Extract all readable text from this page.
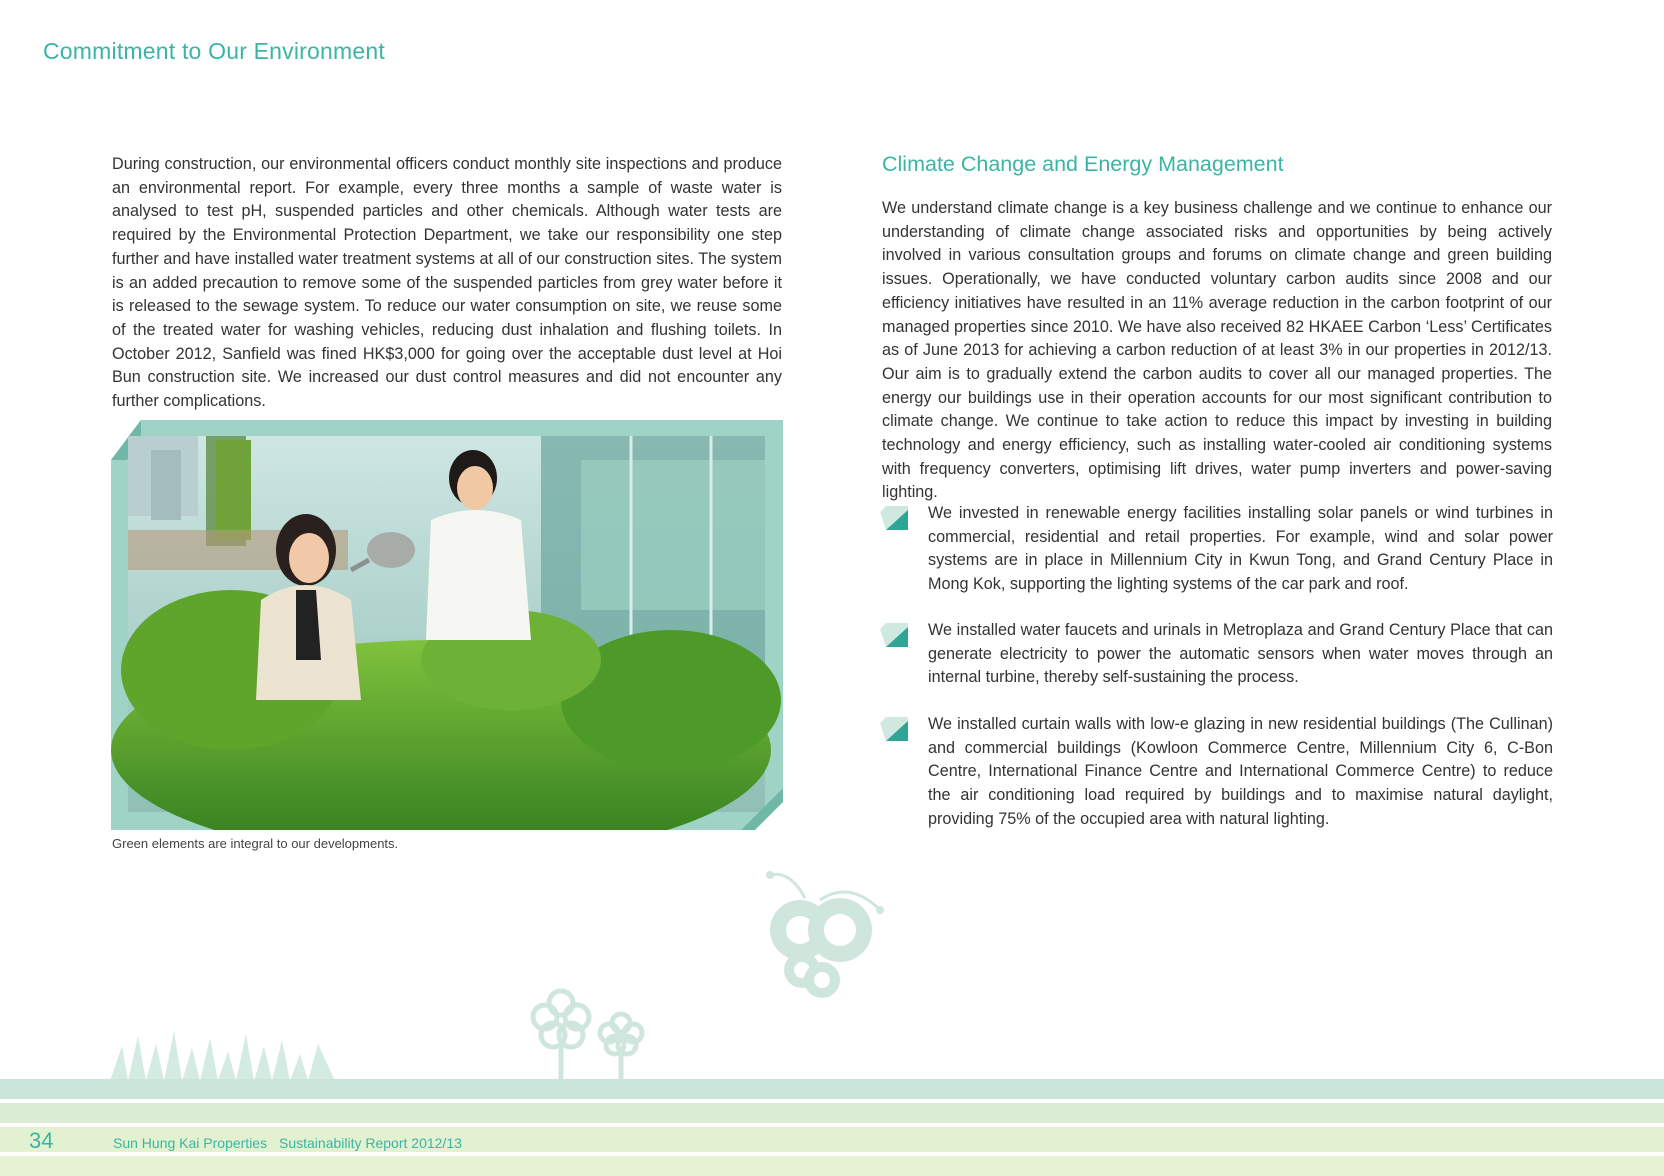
Commitment to Our Environment

During construction, our environmental officers conduct monthly site inspections and produce an environmental report. For example, every three months a sample of waste water is analysed to test pH, suspended particles and other chemicals. Although water tests are required by the Environmental Protection Department, we take our responsibility one step further and have installed water treatment systems at all of our construction sites. The system is an added precaution to remove some of the suspended particles from grey water before it is released to the sewage system. To reduce our water consumption on site, we reuse some of the treated water for washing vehicles, reducing dust inhalation and flushing toilets. In October 2012, Sanfield was fined HK$3,000 for going over the acceptable dust level at Hoi Bun construction site. We increased our dust control measures and did not encounter any further complications.

Green elements are integral to our developments.

Climate Change and Energy Management

We understand climate change is a key business challenge and we continue to enhance our understanding of climate change associated risks and opportunities by being actively involved in various consultation groups and forums on climate change and green building issues. Operationally, we have conducted voluntary carbon audits since 2008 and our efficiency initiatives have resulted in an 11% average reduction in the carbon footprint of our managed properties since 2010. We have also received 82 HKAEE Carbon ‘Less’ Certificates as of June 2013 for achieving a carbon reduction of at least 3% in our properties in 2012/13. Our aim is to gradually extend the carbon audits to cover all our managed properties. The energy our buildings use in their operation accounts for our most significant contribution to climate change. We continue to take action to reduce this impact by investing in building technology and energy efficiency, such as installing water-cooled air conditioning systems with frequency converters, optimising lift drives, water pump inverters and power-saving lighting.

We invested in renewable energy facilities installing solar panels or wind turbines in commercial, residential and retail properties. For example, wind and solar power systems are in place in Millennium City in Kwun Tong, and Grand Century Place in Mong Kok, supporting the lighting systems of the car park and roof.

We installed water faucets and urinals in Metroplaza and Grand Century Place that can generate electricity to power the automatic sensors when water moves through an internal turbine, thereby self-sustaining the process.

We installed curtain walls with low-e glazing in new residential buildings (The Cullinan) and commercial buildings (Kowloon Commerce Centre, Millennium City 6, C-Bon Centre, International Finance Centre and International Commerce Centre) to reduce the air conditioning load required by buildings and to maximise natural daylight, providing 75% of the occupied area with natural lighting.

34	Sun Hung Kai Properties Sustainability Report 2012/13
